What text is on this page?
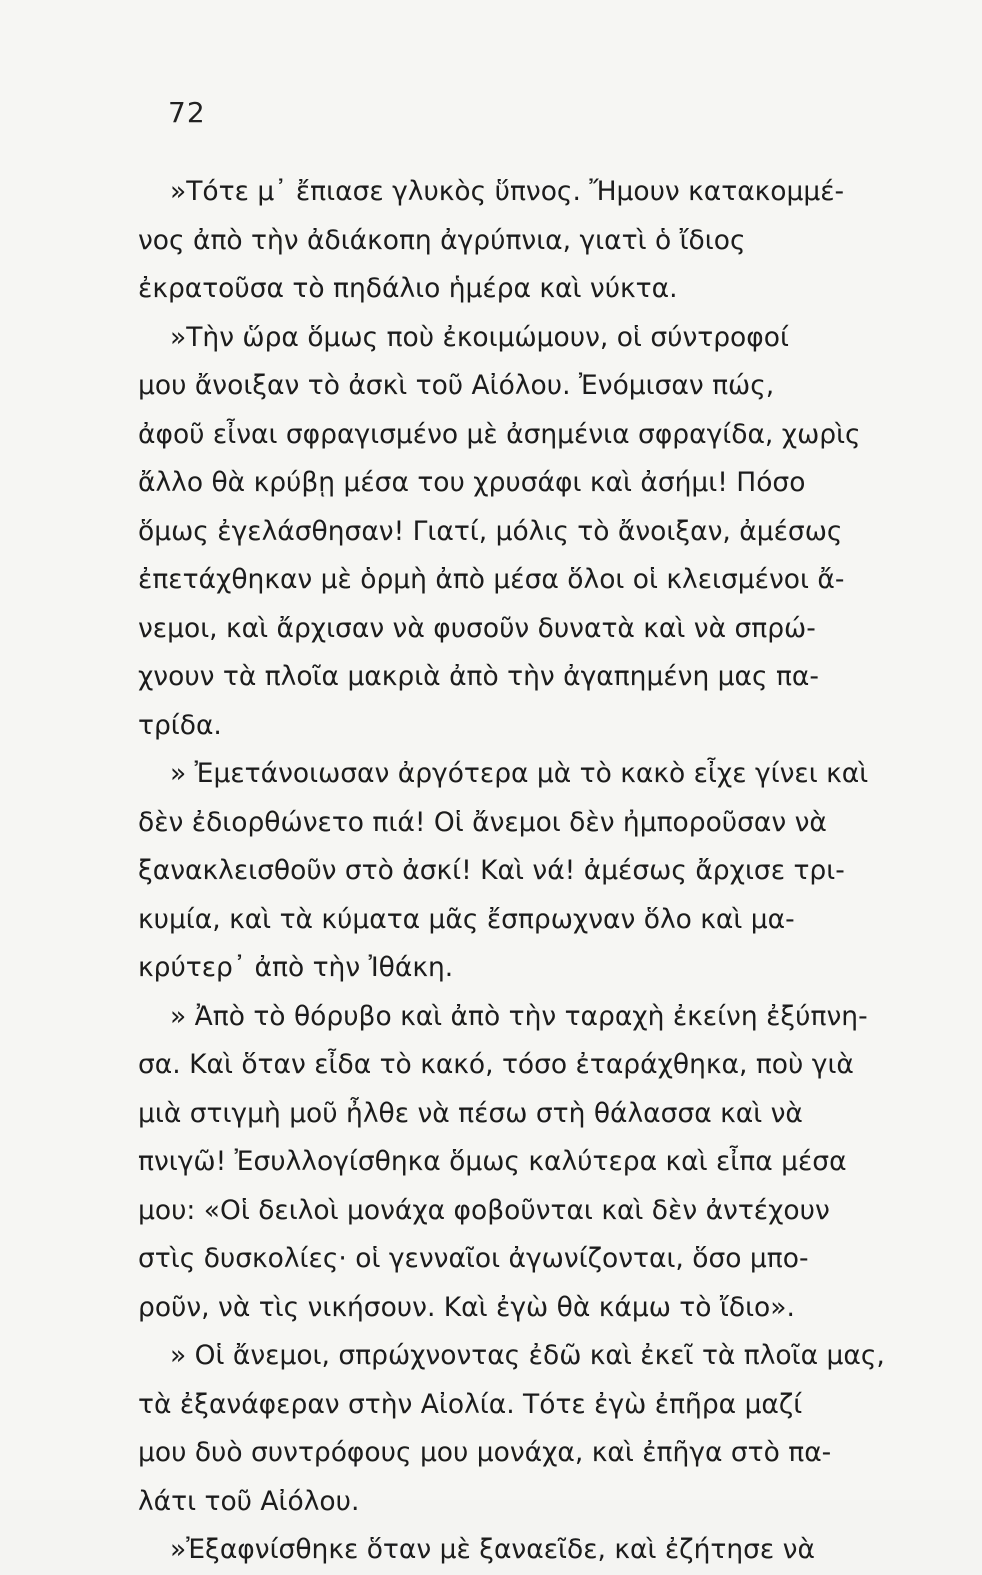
72
»Τότε μ᾽ ἔπιασε γλυκὸς ὕπνος. Ἤμουν κατακομμέ-
νος ἀπὸ τὴν ἀδιάκοπη ἀγρύπνια, γιατὶ ὁ ἴδιος
ἐκρατοῦσα τὸ πηδάλιο ἡμέρα καὶ νύκτα.
»Τὴν ὥρα ὅμως ποὺ ἐκοιμώμουν, οἱ σύντροφοί
μου ἄνοιξαν τὸ ἀσκὶ τοῦ Αἰόλου. Ἐνόμισαν πώς,
ἀφοῦ εἶναι σφραγισμένο μὲ ἀσημένια σφραγίδα, χωρὶς
ἄλλο θὰ κρύβῃ μέσα του χρυσάφι καὶ ἀσήμι! Πόσο
ὅμως ἐγελάσθησαν! Γιατί, μόλις τὸ ἄνοιξαν, ἀμέσως
ἐπετάχθηκαν μὲ ὁρμὴ ἀπὸ μέσα ὅλοι οἱ κλεισμένοι ἄ-
νεμοι, καὶ ἄρχισαν νὰ φυσοῦν δυνατὰ καὶ νὰ σπρώ-
χνουν τὰ πλοῖα μακριὰ ἀπὸ τὴν ἀγαπημένη μας πα-
τρίδα.
» Ἐμετάνοιωσαν ἀργότερα μὰ τὸ κακὸ εἶχε γίνει καὶ
δὲν ἐδιορθώνετο πιά! Οἱ ἄνεμοι δὲν ἠμποροῦσαν νὰ
ξανακλεισθοῦν στὸ ἀσκί! Καὶ νά! ἀμέσως ἄρχισε τρι-
κυμία, καὶ τὰ κύματα μᾶς ἔσπρωχναν ὅλο καὶ μα-
κρύτερ᾽ ἀπὸ τὴν Ἰθάκη.
» Ἀπὸ τὸ θόρυβο καὶ ἀπὸ τὴν ταραχὴ ἐκείνη ἐξύπνη-
σα. Καὶ ὅταν εἶδα τὸ κακό, τόσο ἐταράχθηκα, ποὺ γιὰ
μιὰ στιγμὴ μοῦ ἦλθε νὰ πέσω στὴ θάλασσα καὶ νὰ
πνιγῶ! Ἐσυλλογίσθηκα ὅμως καλύτερα καὶ εἶπα μέσα
μου: «Οἱ δειλοὶ μονάχα φοβοῦνται καὶ δὲν ἀντέχουν
στὶς δυσκολίες· οἱ γενναῖοι ἀγωνίζονται, ὅσο μπο-
ροῦν, νὰ τὶς νικήσουν. Καὶ ἐγὼ θὰ κάμω τὸ ἴδιο».
» Οἱ ἄνεμοι, σπρώχνοντας ἐδῶ καὶ ἐκεῖ τὰ πλοῖα μας,
τὰ ἐξανάφεραν στὴν Αἰολία. Τότε ἐγὼ ἐπῆρα μαζί
μου δυὸ συντρόφους μου μονάχα, καὶ ἐπῆγα στὸ πα-
λάτι τοῦ Αἰόλου.
»Ἐξαφνίσθηκε ὅταν μὲ ξαναεῖδε, καὶ ἐζήτησε νὰ
